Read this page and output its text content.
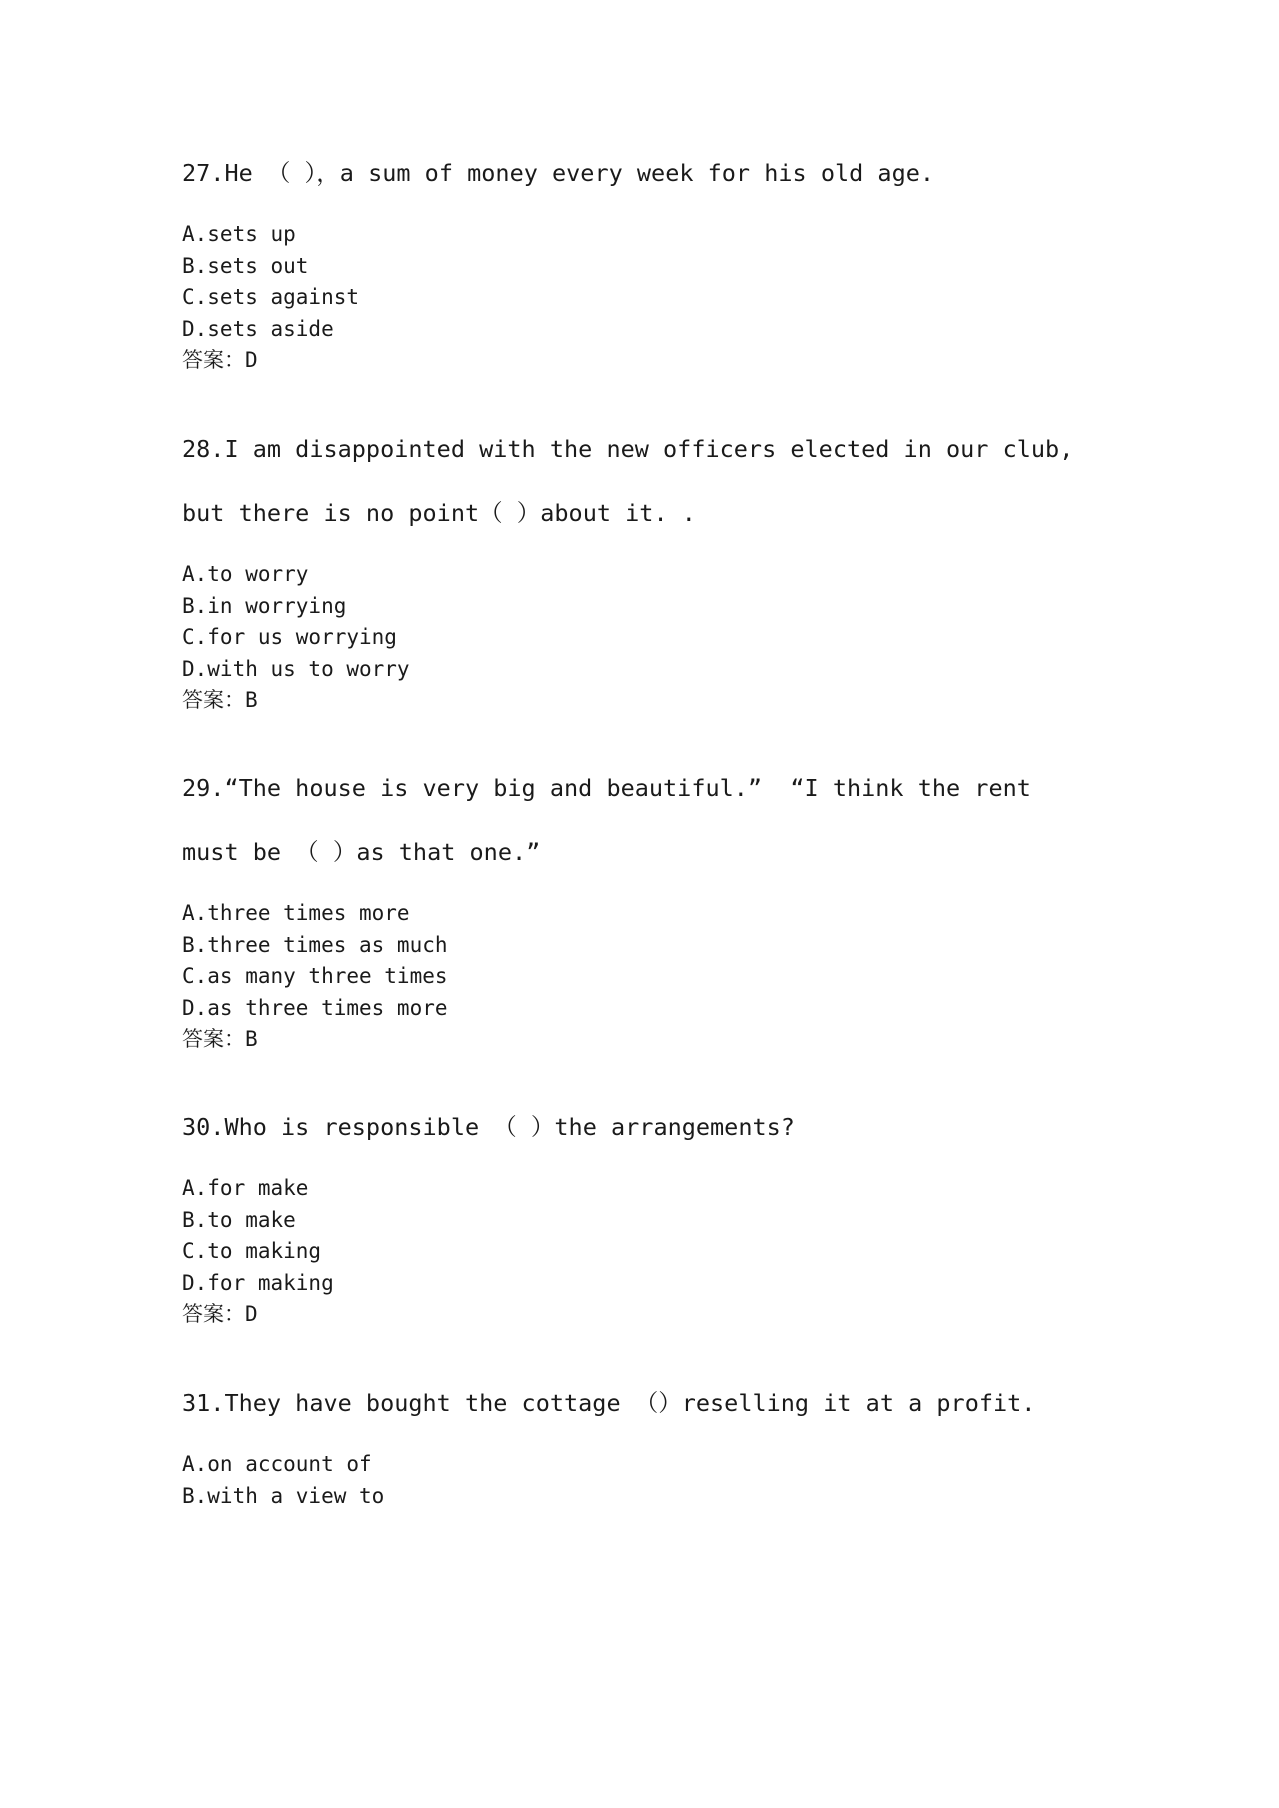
27.He （ ），a sum of money every week for his old age.
A.sets up
B.sets out
C.sets against
D.sets aside
答案：D
28.I am disappointed with the new officers elected in our club,
but there is no point（ ）about it. .
A.to worry
B.in worrying
C.for us worrying
D.with us to worry
答案：B
29.“The house is very big and beautiful.”  “I think the rent
must be （ ）as that one.”
A.three times more
B.three times as much
C.as many three times
D.as three times more
答案：B
30.Who is responsible （ ）the arrangements?
A.for make
B.to make
C.to making
D.for making
答案：D
31.They have bought the cottage （）reselling it at a profit.
A.on account of
B.with a view to
